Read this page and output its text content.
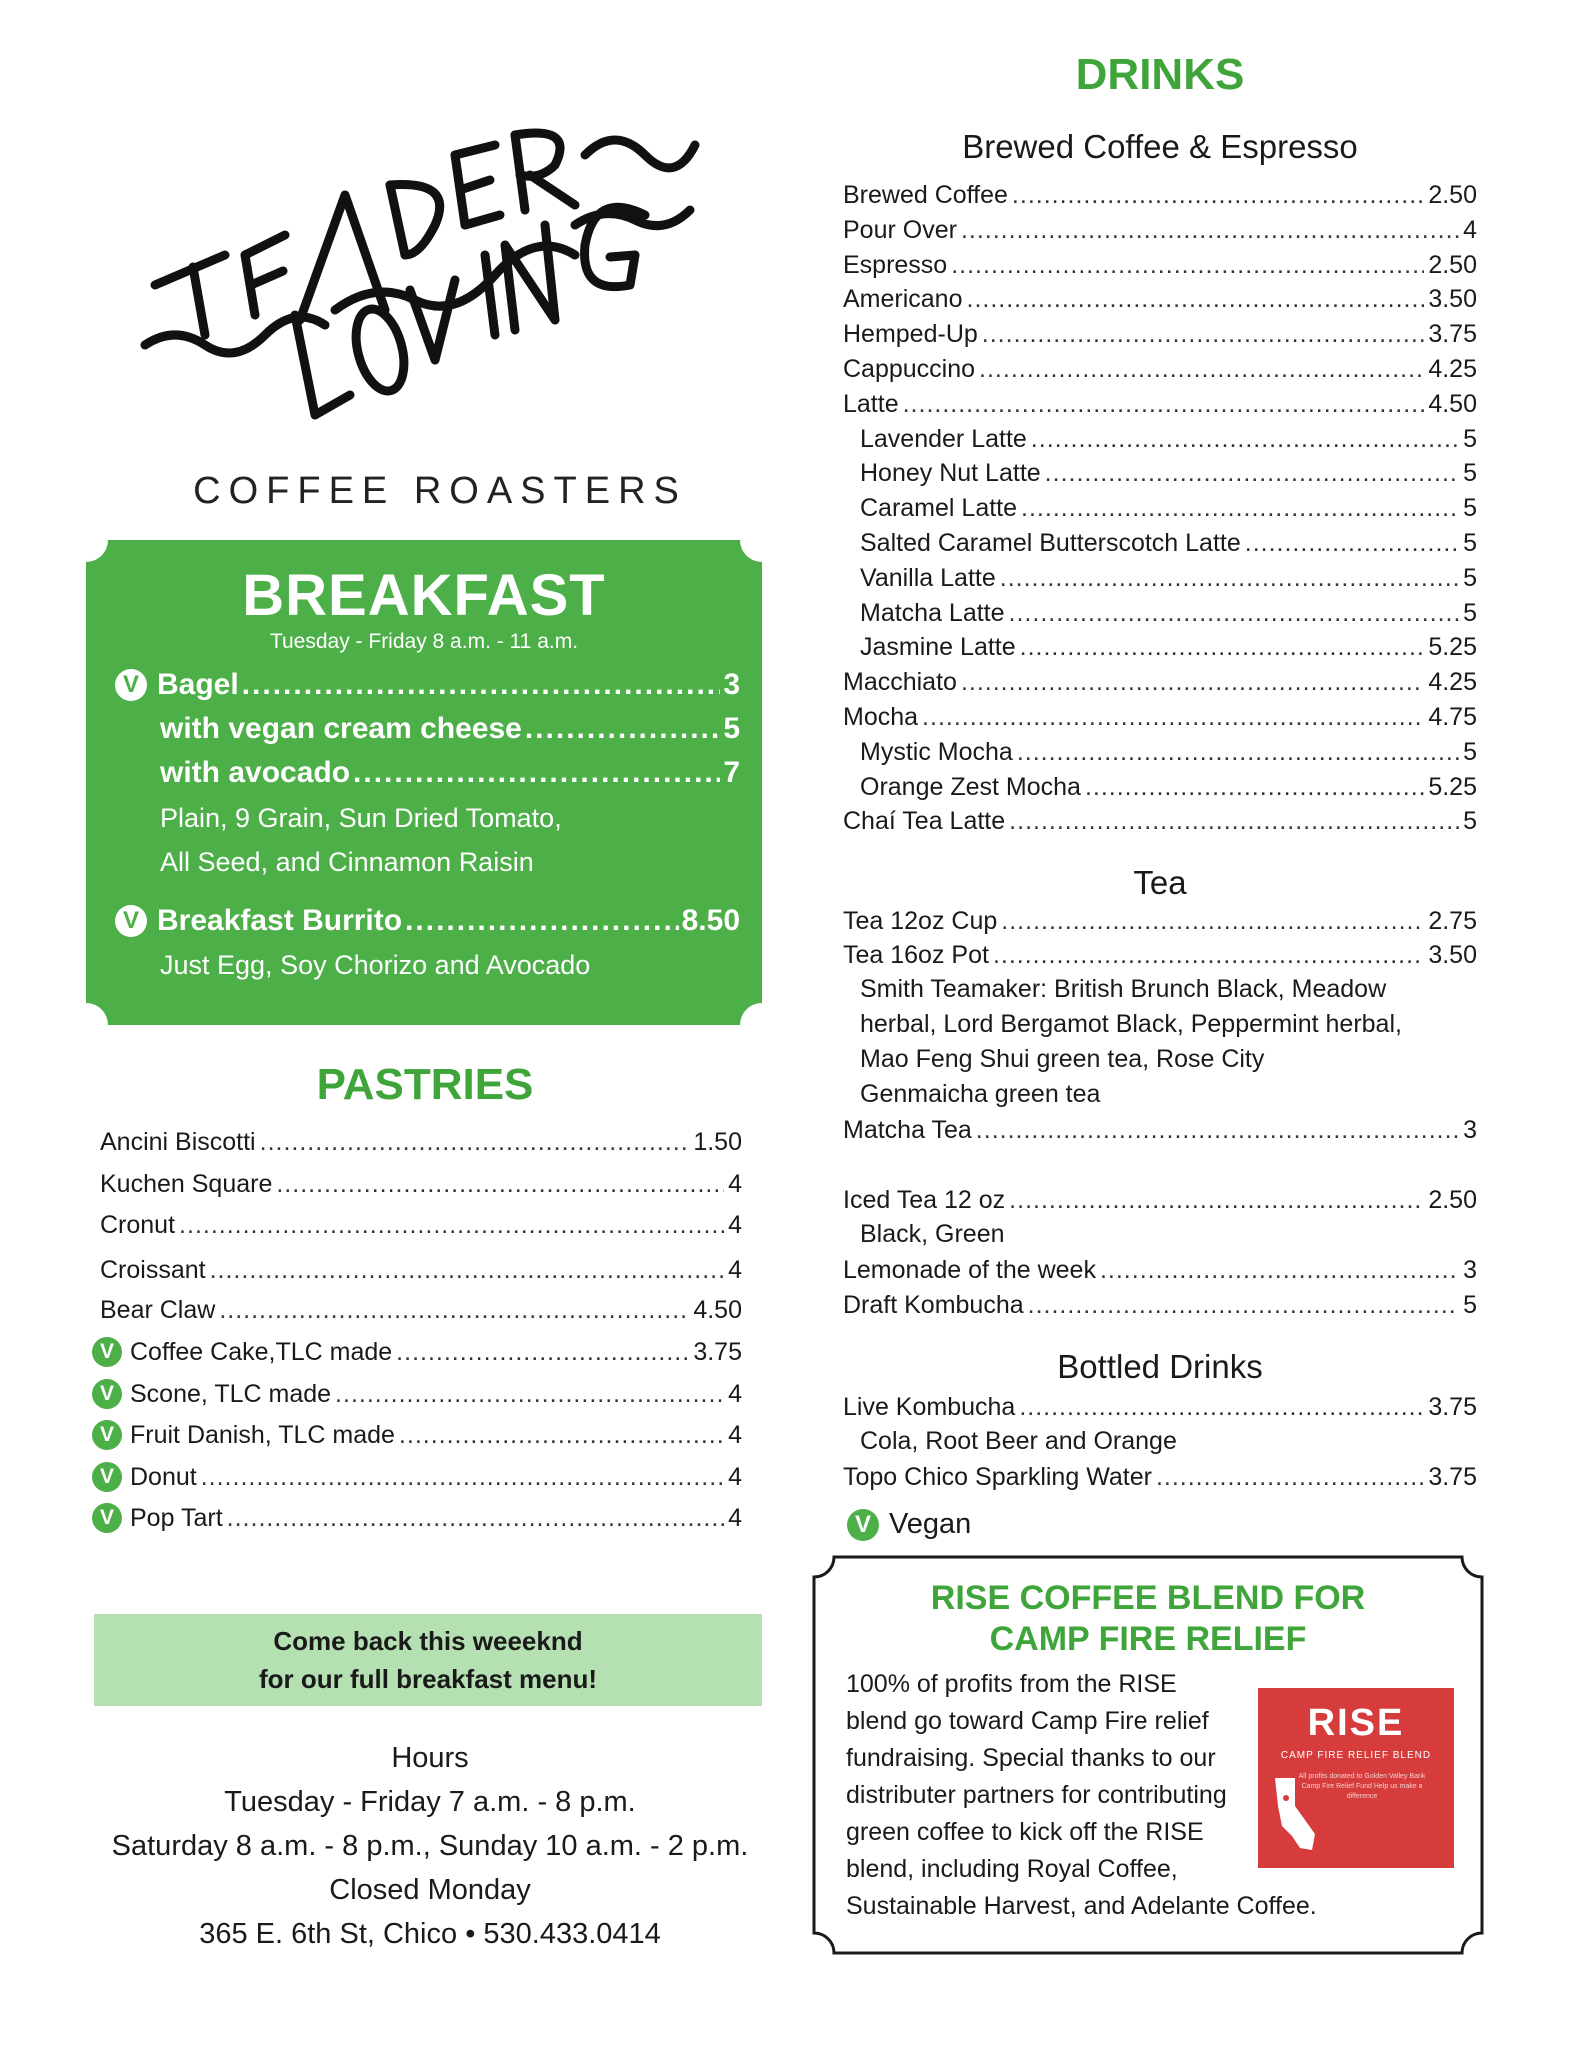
COFFEE ROASTERS
BREAKFAST
Tuesday - Friday 8 a.m. - 11 a.m.
V Bagel .....	3
with vegan cream cheese .....	5
with avocado .....	7
Plain, 9 Grain, Sun Dried Tomato,
All Seed, and Cinnamon Raisin
V Breakfast Burrito .....	8.50
Just Egg, Soy Chorizo and Avocado
PASTRIES
Ancini Biscotti .....	1.50
Kuchen Square .....	4
Cronut .....	4
Croissant .....	4
Bear Claw .....	4.50
V Coffee Cake,TLC made .....	3.75
V Scone, TLC made .....	4
V Fruit Danish, TLC made .....	4
V Donut .....	4
V Pop Tart .....	4
Come back this weeeknd
for our full breakfast menu!
Hours
Tuesday - Friday 7 a.m. - 8 p.m.
Saturday 8 a.m. - 8 p.m., Sunday 10 a.m. - 2 p.m.
Closed Monday
365 E. 6th St, Chico • 530.433.0414
DRINKS
Brewed Coffee & Espresso
Brewed Coffee .....	2.50
Pour Over .....	4
Espresso .....	2.50
Americano .....	3.50
Hemped-Up .....	3.75
Cappuccino .....	4.25
Latte .....	4.50
Lavender Latte .....	5
Honey Nut Latte .....	5
Caramel Latte .....	5
Salted Caramel Butterscotch Latte .....	5
Vanilla Latte .....	5
Matcha Latte .....	5
Jasmine Latte .....	5.25
Macchiato .....	4.25
Mocha .....	4.75
Mystic Mocha .....	5
Orange Zest Mocha .....	5.25
Chaí Tea Latte .....	5
Tea
Tea 12oz Cup .....	2.75
Tea 16oz Pot .....	3.50
Smith Teamaker: British Brunch Black, Meadow
herbal, Lord Bergamot Black, Peppermint herbal,
Mao Feng Shui green tea, Rose City
Genmaicha green tea
Matcha Tea .....	3
Iced Tea 12 oz .....	2.50
Black, Green
Lemonade of the week .....	3
Draft Kombucha .....	5
Bottled Drinks
Live Kombucha .....	3.75
Cola, Root Beer and Orange
Topo Chico Sparkling Water .....	3.75
V Vegan
RISE COFFEE BLEND FOR
CAMP FIRE RELIEF
100% of profits from the RISE
blend go toward Camp Fire relief
fundraising. Special thanks to our
distributer partners for contributing
green coffee to kick off the RISE
blend, including Royal Coffee,
Sustainable Harvest, and Adelante Coffee.
RISE
CAMP FIRE RELIEF BLEND
All profits donated to Golden Valley Bank Camp Fire Relief Fund Help us make a difference
